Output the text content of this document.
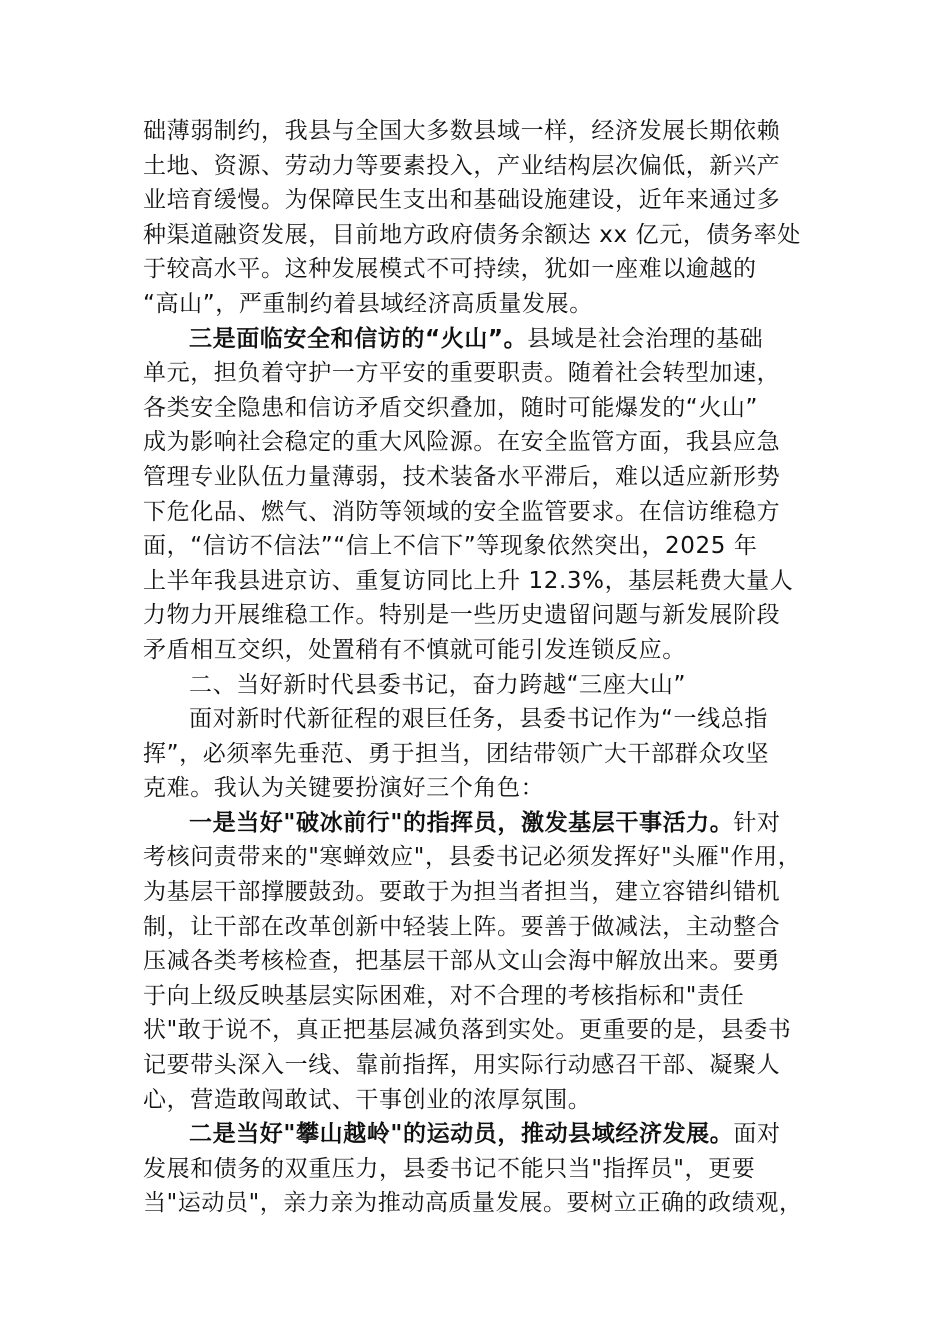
础薄弱制约，我县与全国大多数县域一样，经济发展长期依赖
土地、资源、劳动力等要素投入，产业结构层次偏低，新兴产
业培育缓慢。为保障民生支出和基础设施建设，近年来通过多
种渠道融资发展，目前地方政府债务余额达 xx 亿元，债务率处
于较高水平。这种发展模式不可持续，犹如一座难以逾越的
“高山”，严重制约着县域经济高质量发展。
三是面临安全和信访的“火山”。县域是社会治理的基础
单元，担负着守护一方平安的重要职责。随着社会转型加速，
各类安全隐患和信访矛盾交织叠加，随时可能爆发的“火山”
成为影响社会稳定的重大风险源。在安全监管方面，我县应急
管理专业队伍力量薄弱，技术装备水平滞后，难以适应新形势
下危化品、燃气、消防等领域的安全监管要求。在信访维稳方
面，“信访不信法”“信上不信下”等现象依然突出，2025 年
上半年我县进京访、重复访同比上升 12.3%，基层耗费大量人
力物力开展维稳工作。特别是一些历史遗留问题与新发展阶段
矛盾相互交织，处置稍有不慎就可能引发连锁反应。
二、当好新时代县委书记，奋力跨越“三座大山”
面对新时代新征程的艰巨任务，县委书记作为“一线总指
挥”，必须率先垂范、勇于担当，团结带领广大干部群众攻坚
克难。我认为关键要扮演好三个角色：
一是当好"破冰前行"的指挥员，激发基层干事活力。针对
考核问责带来的"寒蝉效应"，县委书记必须发挥好"头雁"作用，
为基层干部撑腰鼓劲。要敢于为担当者担当，建立容错纠错机
制，让干部在改革创新中轻装上阵。要善于做减法，主动整合
压减各类考核检查，把基层干部从文山会海中解放出来。要勇
于向上级反映基层实际困难，对不合理的考核指标和"责任
状"敢于说不，真正把基层减负落到实处。更重要的是，县委书
记要带头深入一线、靠前指挥，用实际行动感召干部、凝聚人
心，营造敢闯敢试、干事创业的浓厚氛围。
二是当好"攀山越岭"的运动员，推动县域经济发展。面对
发展和债务的双重压力，县委书记不能只当"指挥员"，更要
当"运动员"，亲力亲为推动高质量发展。要树立正确的政绩观，
